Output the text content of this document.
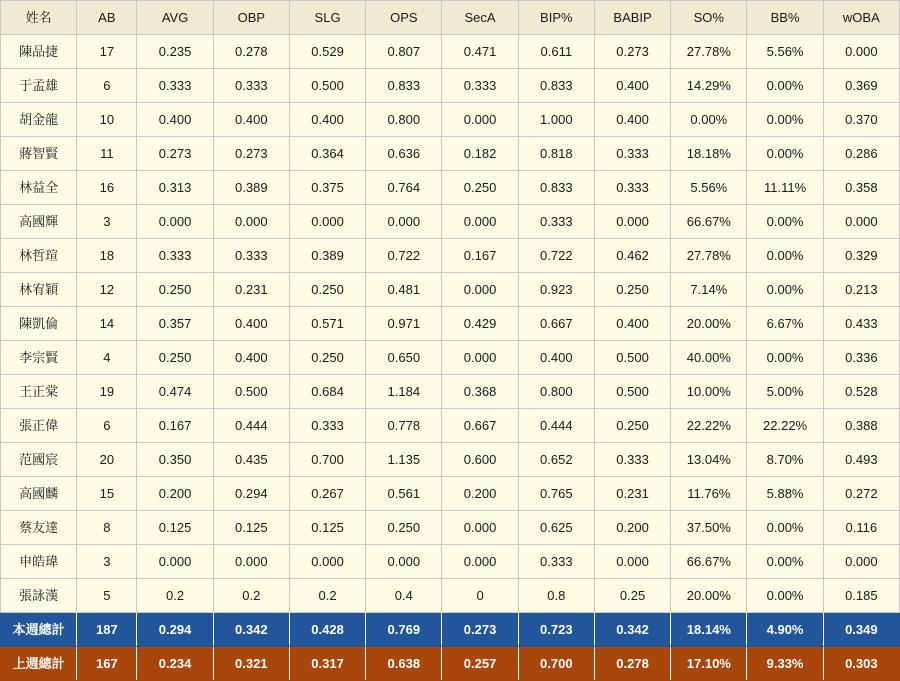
姓名	AB	AVG	OBP	SLG	OPS	SecA	BIP%	BABIP	SO%	BB%	wOBA
陳品捷	17	0.235	0.278	0.529	0.807	0.471	0.611	0.273	27.78%	5.56%	0.000
于孟雄	6	0.333	0.333	0.500	0.833	0.333	0.833	0.400	14.29%	0.00%	0.369
胡金龍	10	0.400	0.400	0.400	0.800	0.000	1.000	0.400	0.00%	0.00%	0.370
蔣智賢	11	0.273	0.273	0.364	0.636	0.182	0.818	0.333	18.18%	0.00%	0.286
林益全	16	0.313	0.389	0.375	0.764	0.250	0.833	0.333	5.56%	11.11%	0.358
高國輝	3	0.000	0.000	0.000	0.000	0.000	0.333	0.000	66.67%	0.00%	0.000
林哲瑄	18	0.333	0.333	0.389	0.722	0.167	0.722	0.462	27.78%	0.00%	0.329
林宥穎	12	0.250	0.231	0.250	0.481	0.000	0.923	0.250	7.14%	0.00%	0.213
陳凱倫	14	0.357	0.400	0.571	0.971	0.429	0.667	0.400	20.00%	6.67%	0.433
李宗賢	4	0.250	0.400	0.250	0.650	0.000	0.400	0.500	40.00%	0.00%	0.336
王正棠	19	0.474	0.500	0.684	1.184	0.368	0.800	0.500	10.00%	5.00%	0.528
張正偉	6	0.167	0.444	0.333	0.778	0.667	0.444	0.250	22.22%	22.22%	0.388
范國宸	20	0.350	0.435	0.700	1.135	0.600	0.652	0.333	13.04%	8.70%	0.493
高國麟	15	0.200	0.294	0.267	0.561	0.200	0.765	0.231	11.76%	5.88%	0.272
蔡友達	8	0.125	0.125	0.125	0.250	0.000	0.625	0.200	37.50%	0.00%	0.116
申皓瑋	3	0.000	0.000	0.000	0.000	0.000	0.333	0.000	66.67%	0.00%	0.000
張詠漢	5	0.2	0.2	0.2	0.4	0	0.8	0.25	20.00%	0.00%	0.185
本週總計	187	0.294	0.342	0.428	0.769	0.273	0.723	0.342	18.14%	4.90%	0.349
上週總計	167	0.234	0.321	0.317	0.638	0.257	0.700	0.278	17.10%	9.33%	0.303
